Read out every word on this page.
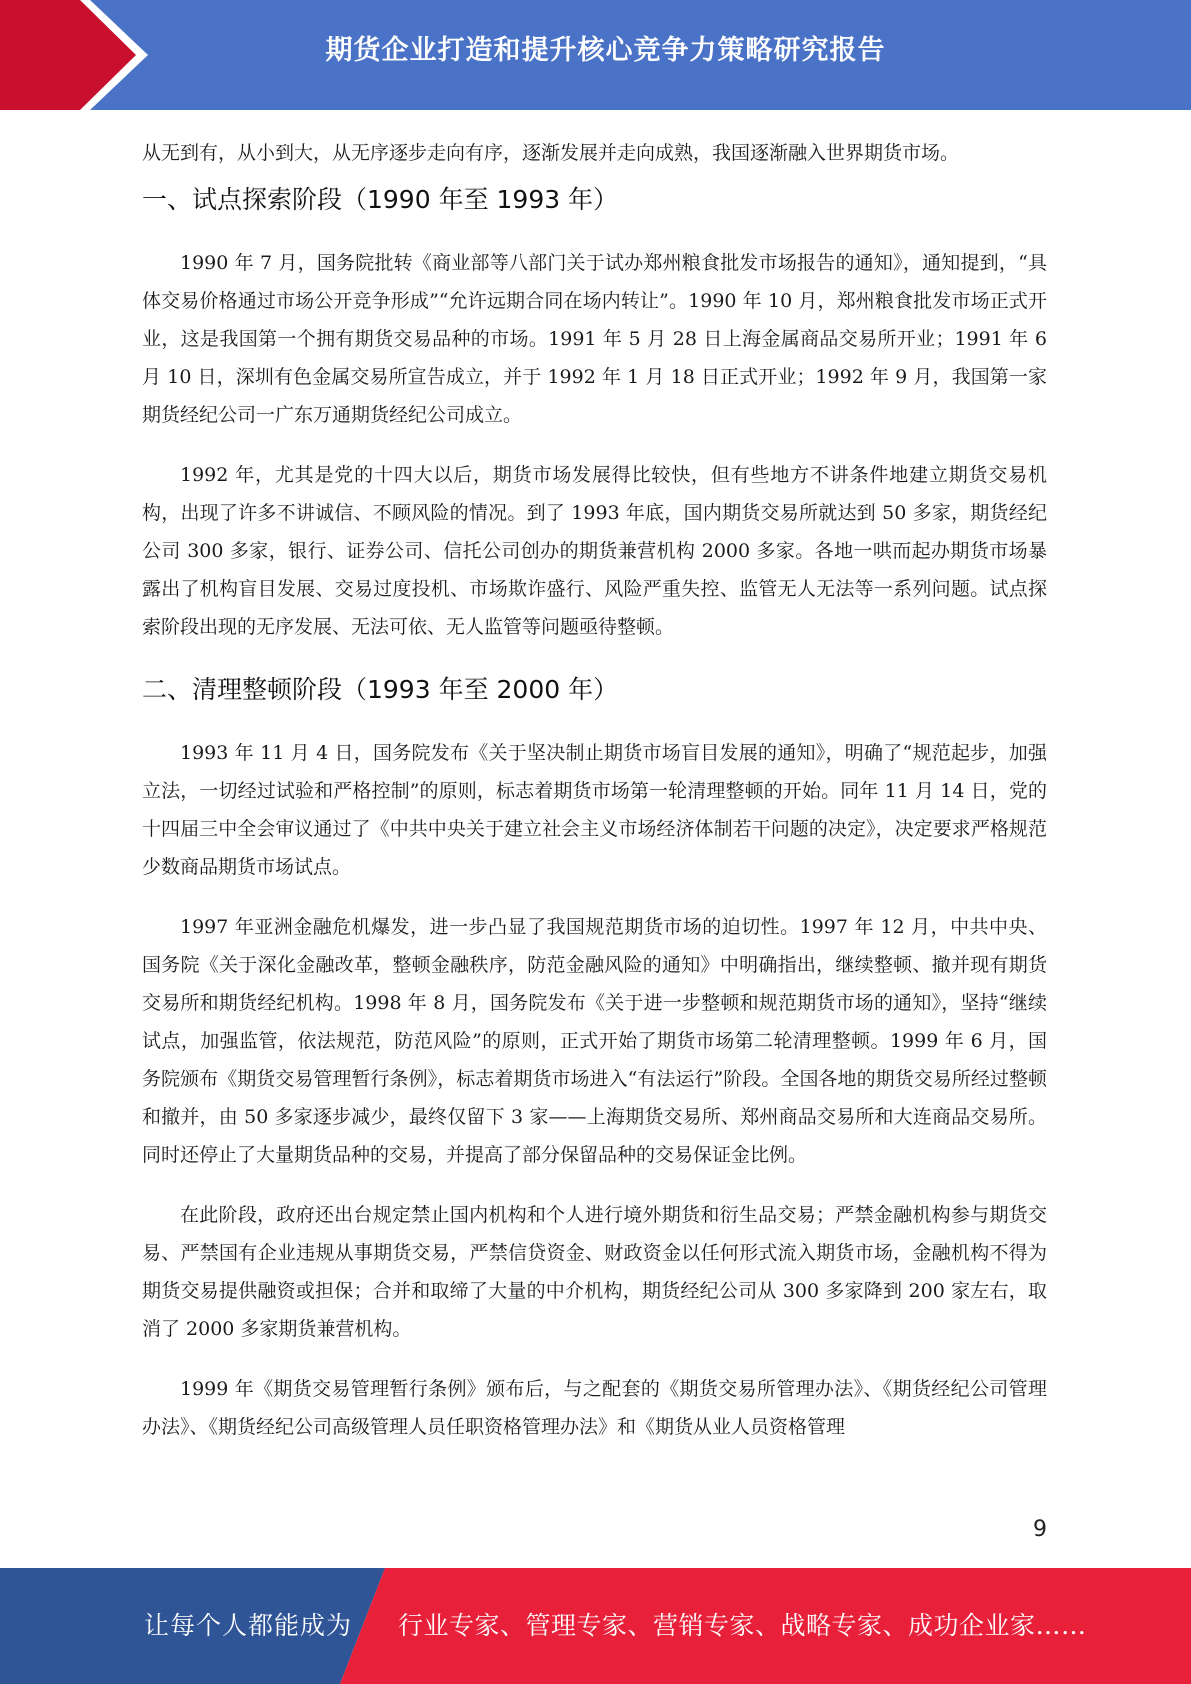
期货企业打造和提升核心竞争力策略研究报告

从无到有，从小到大，从无序逐步走向有序，逐渐发展并走向成熟，我国逐渐融入世界期货市场。

一、试点探索阶段（1990 年至 1993 年）

1990 年 7 月，国务院批转《商业部等八部门关于试办郑州粮食批发市场报告的通知》，通知提到，“具体交易价格通过市场公开竞争形成”“允许远期合同在场内转让”。1990 年 10 月，郑州粮食批发市场正式开业，这是我国第一个拥有期货交易品种的市场。1991 年 5 月 28 日上海金属商品交易所开业；1991 年 6 月 10 日，深圳有色金属交易所宣告成立，并于 1992 年 1 月 18 日正式开业；1992 年 9 月，我国第一家期货经纪公司一广东万通期货经纪公司成立。

1992 年，尤其是党的十四大以后，期货市场发展得比较快，但有些地方不讲条件地建立期货交易机构，出现了许多不讲诚信、不顾风险的情况。到了 1993 年底，国内期货交易所就达到 50 多家，期货经纪公司 300 多家，银行、证券公司、信托公司创办的期货兼营机构 2000 多家。各地一哄而起办期货市场暴露出了机构盲目发展、交易过度投机、市场欺诈盛行、风险严重失控、监管无人无法等一系列问题。试点探索阶段出现的无序发展、无法可依、无人监管等问题亟待整顿。

二、清理整顿阶段（1993 年至 2000 年）

1993 年 11 月 4 日，国务院发布《关于坚决制止期货市场盲目发展的通知》，明确了“规范起步，加强立法，一切经过试验和严格控制”的原则，标志着期货市场第一轮清理整顿的开始。同年 11 月 14 日，党的十四届三中全会审议通过了《中共中央关于建立社会主义市场经济体制若干问题的决定》，决定要求严格规范少数商品期货市场试点。

1997 年亚洲金融危机爆发，进一步凸显了我国规范期货市场的迫切性。1997 年 12 月，中共中央、国务院《关于深化金融改革，整顿金融秩序，防范金融风险的通知》中明确指出，继续整顿、撤并现有期货交易所和期货经纪机构。1998 年 8 月，国务院发布《关于进一步整顿和规范期货市场的通知》，坚持“继续试点，加强监管，依法规范，防范风险”的原则，正式开始了期货市场第二轮清理整顿。1999 年 6 月，国务院颁布《期货交易管理暂行条例》，标志着期货市场进入“有法运行”阶段。全国各地的期货交易所经过整顿和撤并，由 50 多家逐步减少，最终仅留下 3 家——上海期货交易所、郑州商品交易所和大连商品交易所。同时还停止了大量期货品种的交易，并提高了部分保留品种的交易保证金比例。

在此阶段，政府还出台规定禁止国内机构和个人进行境外期货和衍生品交易；严禁金融机构参与期货交易、严禁国有企业违规从事期货交易，严禁信贷资金、财政资金以任何形式流入期货市场，金融机构不得为期货交易提供融资或担保；合并和取缔了大量的中介机构，期货经纪公司从 300 多家降到 200 家左右，取消了 2000 多家期货兼营机构。

1999 年《期货交易管理暂行条例》颁布后，与之配套的《期货交易所管理办法》、《期货经纪公司管理办法》、《期货经纪公司高级管理人员任职资格管理办法》和《期货从业人员资格管理

9
让每个人都能成为 行业专家、管理专家、营销专家、战略专家、成功企业家……
